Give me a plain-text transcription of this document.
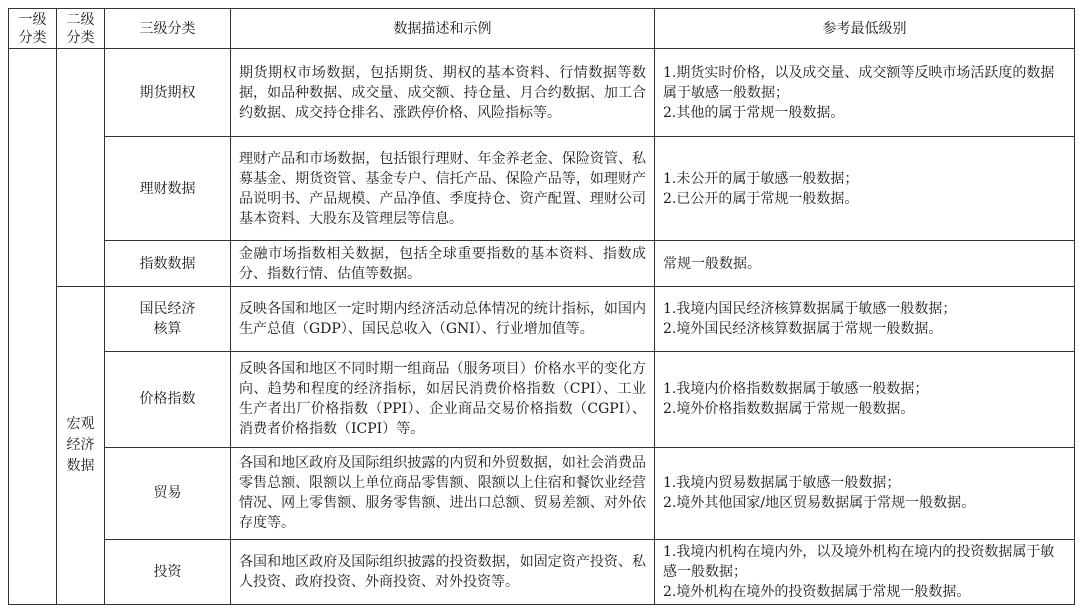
一级分类	二级分类	三级分类	数据描述和示例	参考最低级别
		期货期权	期货期权市场数据，包括期货、期权的基本资料、行情数据等数据，如品种数据、成交量、成交额、持仓量、月合约数据、加工合约数据、成交持仓排名、涨跌停价格、风险指标等。	1.期货实时价格，以及成交量、成交额等反映市场活跃度的数据属于敏感一般数据；
2.其他的属于常规一般数据。
		理财数据	理财产品和市场数据，包括银行理财、年金养老金、保险资管、私募基金、期货资管、基金专户、信托产品、保险产品等，如理财产品说明书、产品规模、产品净值、季度持仓、资产配置、理财公司基本资料、大股东及管理层等信息。	1.未公开的属于敏感一般数据；
2.已公开的属于常规一般数据。
		指数数据	金融市场指数相关数据，包括全球重要指数的基本资料、指数成分、指数行情、估值等数据。	常规一般数据。
	宏观经济数据	国民经济核算	反映各国和地区一定时期内经济活动总体情况的统计指标，如国内生产总值（GDP）、国民总收入（GNI）、行业增加值等。	1.我境内国民经济核算数据属于敏感一般数据；
2.境外国民经济核算数据属于常规一般数据。
		价格指数	反映各国和地区不同时期一组商品（服务项目）价格水平的变化方向、趋势和程度的经济指标，如居民消费价格指数（CPI）、工业生产者出厂价格指数（PPI）、企业商品交易价格指数（CGPI）、消费者价格指数（ICPI）等。	1.我境内价格指数数据属于敏感一般数据；
2.境外价格指数数据属于常规一般数据。
		贸易	各国和地区政府及国际组织披露的内贸和外贸数据，如社会消费品零售总额、限额以上单位商品零售额、限额以上住宿和餐饮业经营情况、网上零售额、服务零售额、进出口总额、贸易差额、对外依存度等。	1.我境内贸易数据属于敏感一般数据；
2.境外其他国家/地区贸易数据属于常规一般数据。
		投资	各国和地区政府及国际组织披露的投资数据，如固定资产投资、私人投资、政府投资、外商投资、对外投资等。	1.我境内机构在境内外，以及境外机构在境内的投资数据属于敏感一般数据；
2.境外机构在境外的投资数据属于常规一般数据。
